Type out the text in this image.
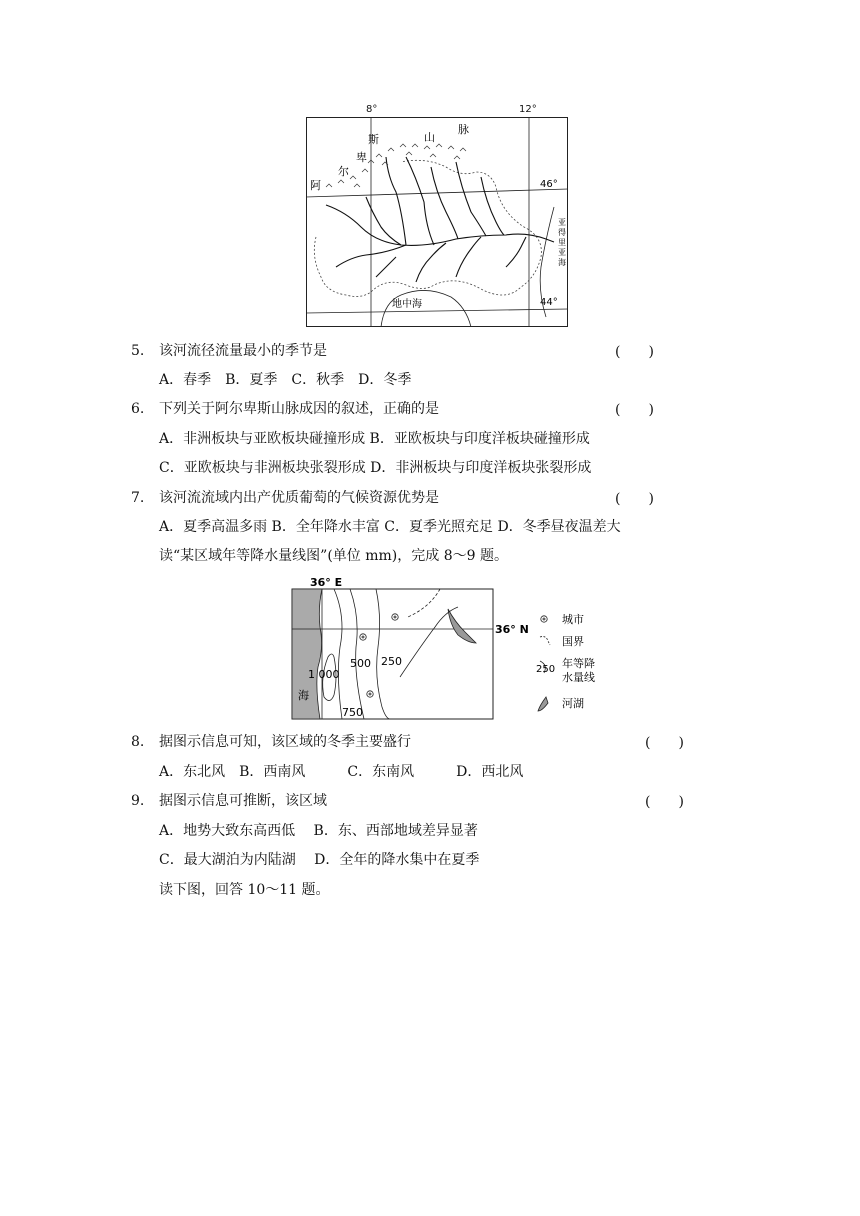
46°
44°
阿
尔
卑
斯	山
脉
地中海
亚
得
里
亚
海
8°	12°
5. 该河流径流量最小的季节是	(　　)
A．春季　B．夏季　C．秋季　D．冬季
6. 下列关于阿尔卑斯山脉成因的叙述，正确的是	(　　)
A．非洲板块与亚欧板块碰撞形成 B．亚欧板块与印度洋板块碰撞形成
C．亚欧板块与非洲板块张裂形成 D．非洲板块与印度洋板块张裂形成
7. 该河流流域内出产优质葡萄的气候资源优势是	(　　)
A．夏季高温多雨 B．全年降水丰富 C．夏季光照充足 D．冬季昼夜温差大
读“某区域年等降水量线图”(单位 mm)，完成 8～9 题。
36° E
36° N
海
1 000
500 250
750
城市
国界
250 年等降
水量线
河湖
8. 据图示信息可知，该区域的冬季主要盛行	(　　)
A．东北风　B．西南风　　　C．东南风　　　D．西北风
9. 据图示信息可推断，该区域	(　　)
A．地势大致东高西低　 B．东、西部地域差异显著
C．最大湖泊为内陆湖　 D．全年的降水集中在夏季
读下图，回答 10～11 题。
